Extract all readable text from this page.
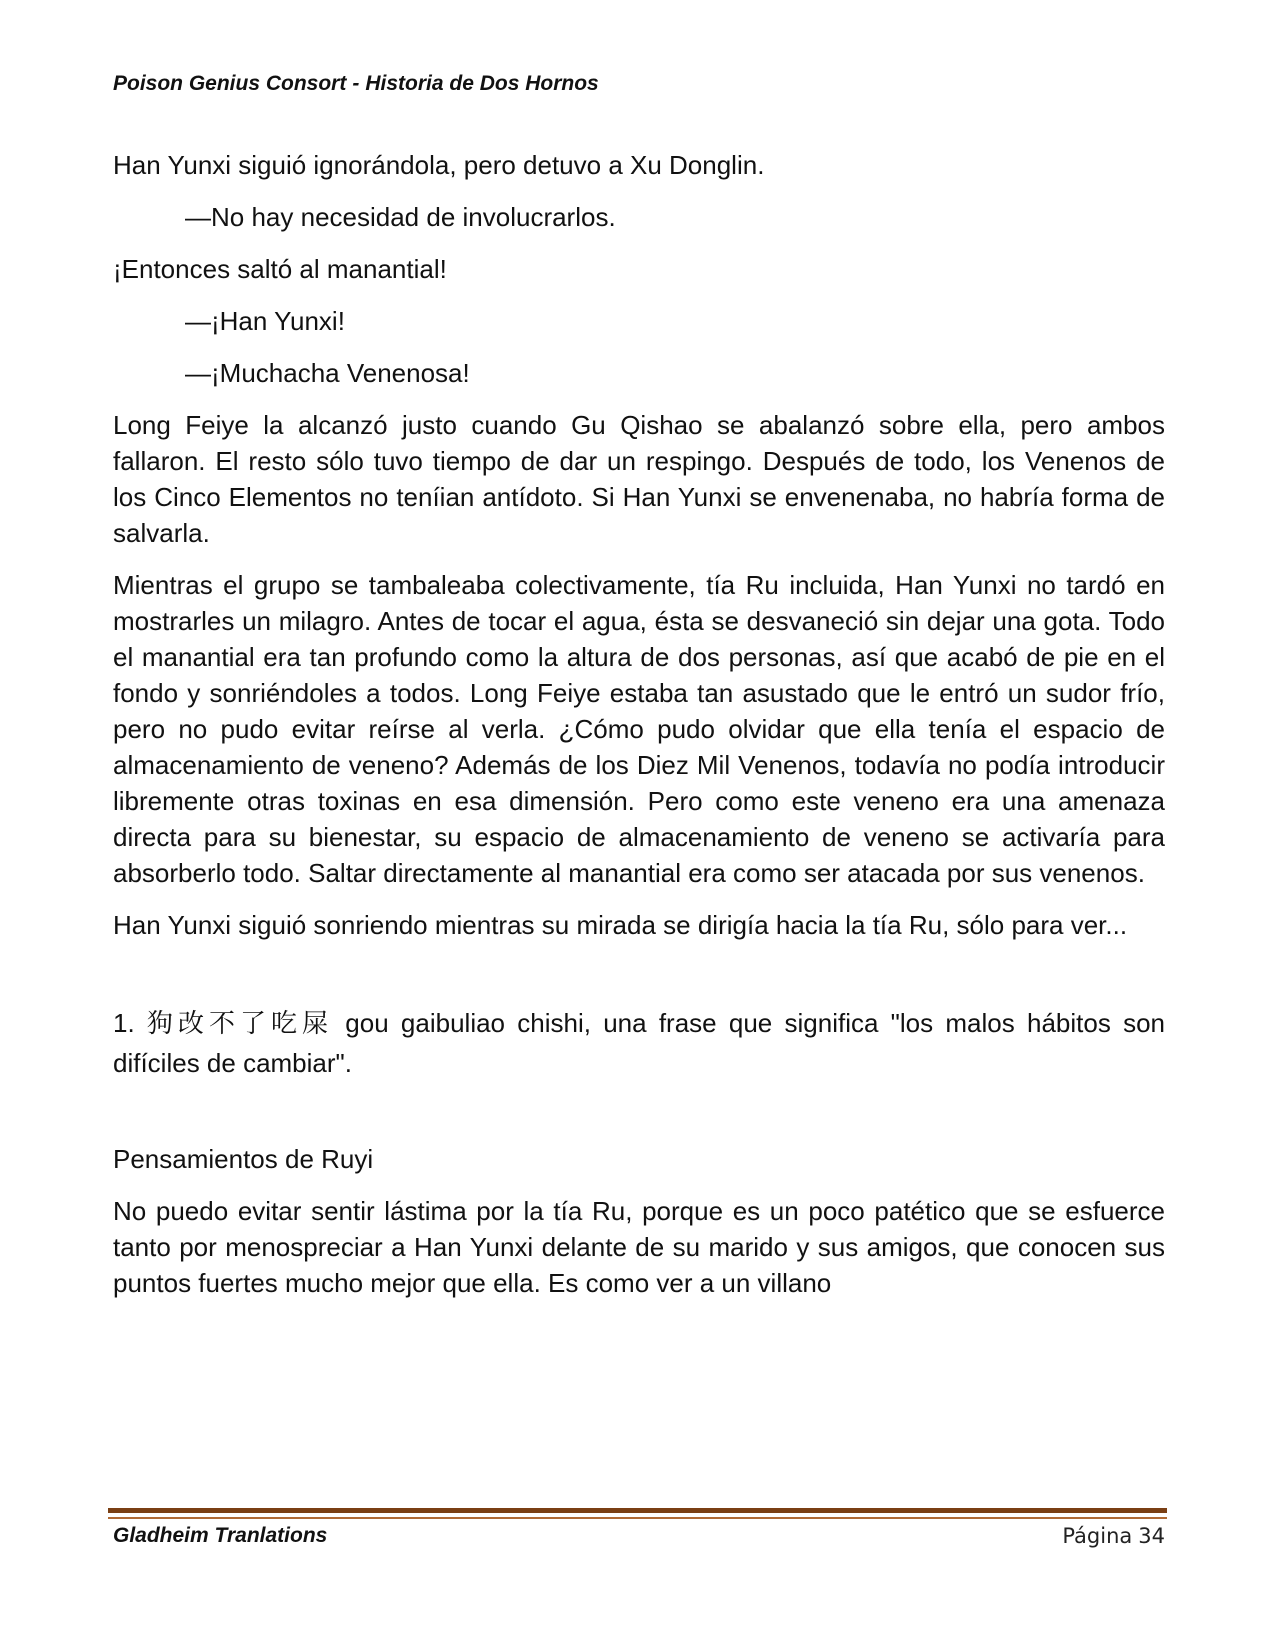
Poison Genius Consort - Historia de Dos Hornos

Han Yunxi siguió ignorándola, pero detuvo a Xu Donglin.

—No hay necesidad de involucrarlos.

¡Entonces saltó al manantial!

—¡Han Yunxi!

—¡Muchacha Venenosa!

Long Feiye la alcanzó justo cuando Gu Qishao se abalanzó sobre ella, pero ambos fallaron. El resto sólo tuvo tiempo de dar un respingo. Después de todo, los Venenos de los Cinco Elementos no teníian antídoto. Si Han Yunxi se envenenaba, no habría forma de salvarla.

Mientras el grupo se tambaleaba colectivamente, tía Ru incluida, Han Yunxi no tardó en mostrarles un milagro. Antes de tocar el agua, ésta se desvaneció sin dejar una gota. Todo el manantial era tan profundo como la altura de dos personas, así que acabó de pie en el fondo y sonriéndoles a todos. Long Feiye estaba tan asustado que le entró un sudor frío, pero no pudo evitar reírse al verla. ¿Cómo pudo olvidar que ella tenía el espacio de almacenamiento de veneno? Además de los Diez Mil Venenos, todavía no podía introducir libremente otras toxinas en esa dimensión. Pero como este veneno era una amenaza directa para su bienestar, su espacio de almacenamiento de veneno se activaría para absorberlo todo. Saltar directamente al manantial era como ser atacada por sus venenos.

Han Yunxi siguió sonriendo mientras su mirada se dirigía hacia la tía Ru, sólo para ver...

1. 狗改不了吃屎 gou gaibuliao chishi, una frase que significa "los malos hábitos son difíciles de cambiar".

Pensamientos de Ruyi

No puedo evitar sentir lástima por la tía Ru, porque es un poco patético que se esfuerce tanto por menospreciar a Han Yunxi delante de su marido y sus amigos, que conocen sus puntos fuertes mucho mejor que ella. Es como ver a un villano

Gladheim Tranlations	Página 34
